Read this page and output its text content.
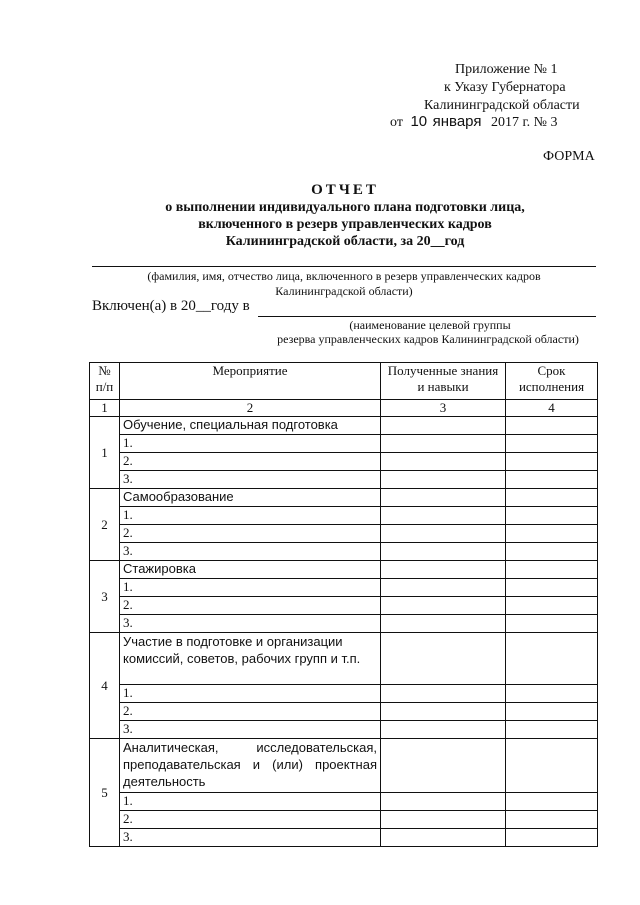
Приложение № 1
к Указу Губернатора
Калининградской области
от 10 января 2017 г. № 3
ФОРМА
ОТЧЕТ
о выполнении индивидуального плана подготовки лица,
включенного в резерв управленческих кадров
Калининградской области, за 20__год
(фамилия, имя, отчество лица, включенного в резерв управленческих кадров
Калининградской области)
Включен(а) в 20__году в
(наименование целевой группы
резерва управленческих кадров Калининградской области)
№ п/п	Мероприятие	Полученные знания и навыки	Срок исполнения
1	2	3	4
1	Обучение, специальная подготовка		
	1.		
	2.		
	3.		
2	Самообразование		
	1.		
	2.		
	3.		
3	Стажировка		
	1.		
	2.		
	3.		
4	Участие в подготовке и организации комиссий, советов, рабочих групп и т.п.		
	1.		
	2.		
	3.		
5	Аналитическая, исследовательская, преподавательская и (или) проектная деятельность		
	1.		
	2.		
	3.		
